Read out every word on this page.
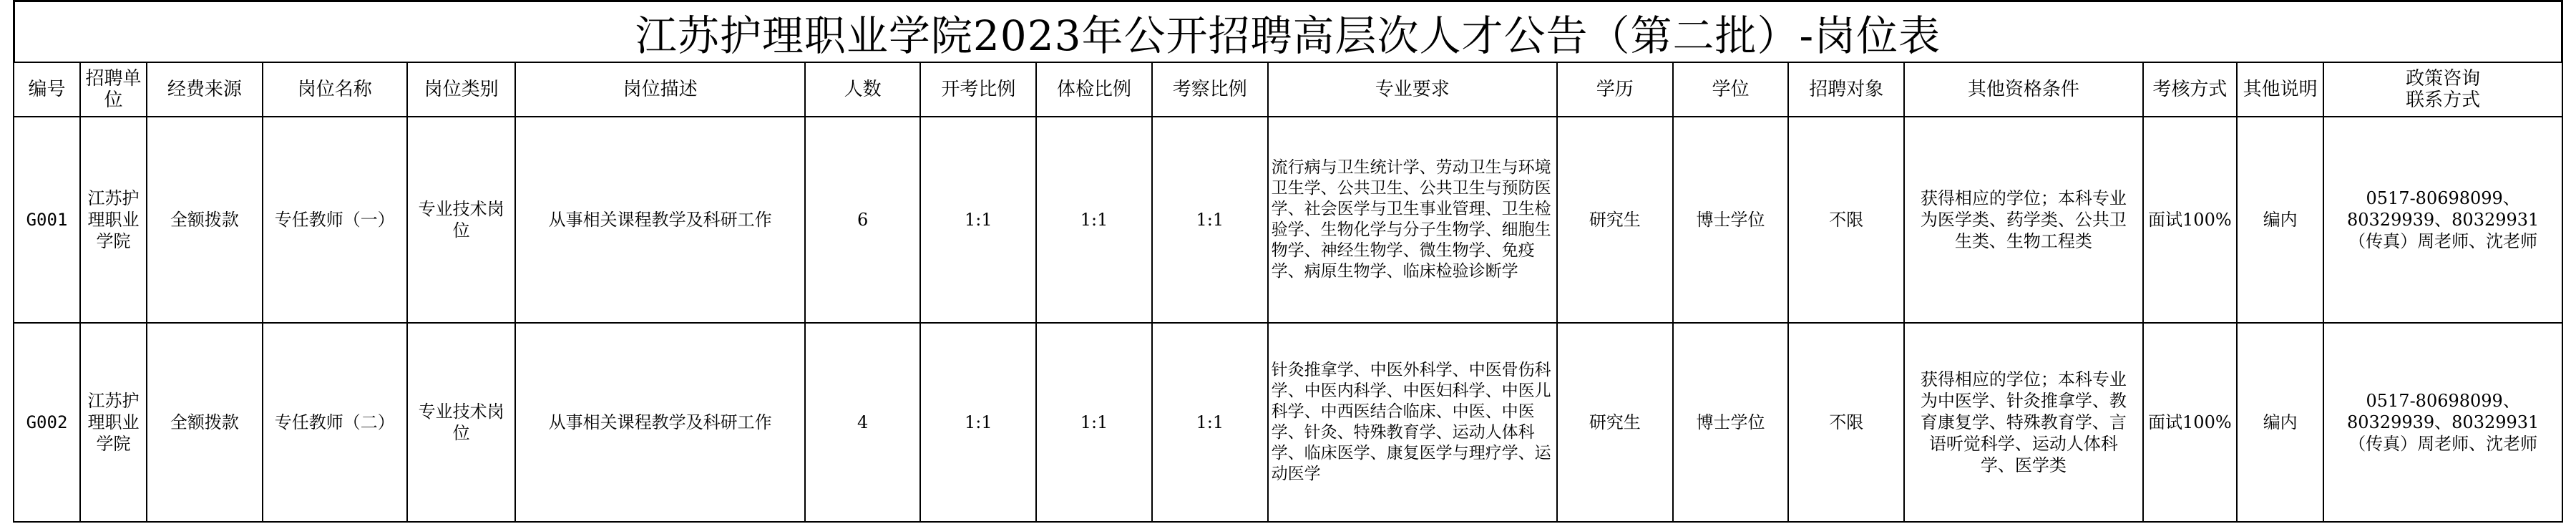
江苏护理职业学院2023年公开招聘高层次人才公告（第二批）-岗位表
编号	招聘单位	经费来源	岗位名称	岗位类别	岗位描述	人数	开考比例	体检比例	考察比例	专业要求	学历	学位	招聘对象	其他资格条件	考核方式	其他说明	政策咨询
联系方式
G001	江苏护理职业学院	全额拨款	专任教师（一）	专业技术岗位	从事相关课程教学及科研工作	6	1:1	1:1	1:1	流行病与卫生统计学、劳动卫生与环境卫生学、公共卫生、公共卫生与预防医学、社会医学与卫生事业管理、卫生检验学、生物化学与分子生物学、细胞生物学、神经生物学、微生物学、免疫学、病原生物学、临床检验诊断学	研究生	博士学位	不限	获得相应的学位；本科专业为医学类、药学类、公共卫生类、生物工程类	面试100%	编内	0517-80698099、80329939、80329931（传真）周老师、沈老师
G002	江苏护理职业学院	全额拨款	专任教师（二）	专业技术岗位	从事相关课程教学及科研工作	4	1:1	1:1	1:1	针灸推拿学、中医外科学、中医骨伤科学、中医内科学、中医妇科学、中医儿科学、中西医结合临床、中医、中医学、针灸、特殊教育学、运动人体科学、临床医学、康复医学与理疗学、运动医学	研究生	博士学位	不限	获得相应的学位；本科专业为中医学、针灸推拿学、教育康复学、特殊教育学、言语听觉科学、运动人体科学、医学类	面试100%	编内	0517-80698099、80329939、80329931（传真）周老师、沈老师
